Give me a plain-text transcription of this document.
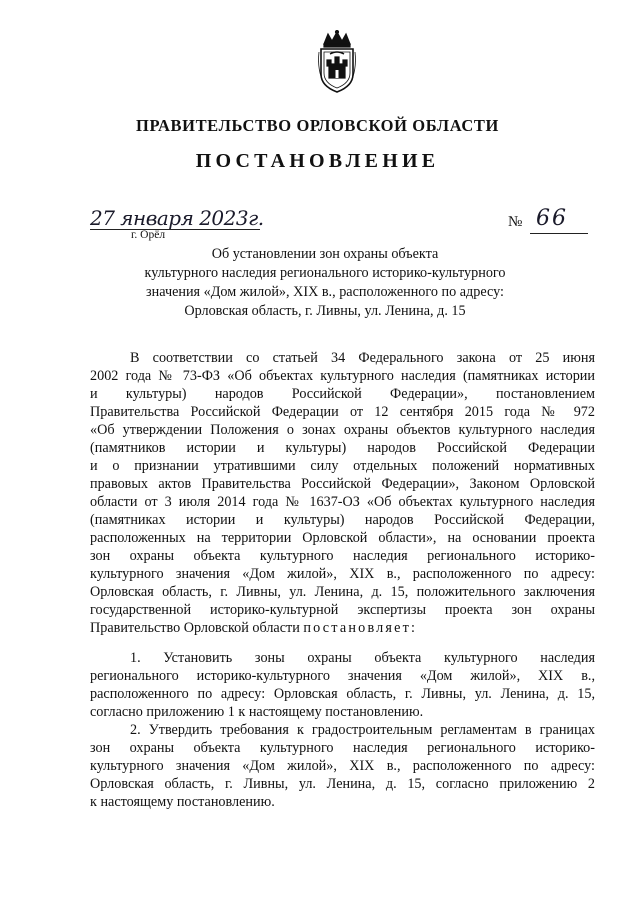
ПРАВИТЕЛЬСТВО ОРЛОВСКОЙ ОБЛАСТИ
ПОСТАНОВЛЕНИЕ
27 января 2023г.
г. Орёл
№ 66
Об установлении зон охраны объекта
культурного наследия регионального историко-культурного
значения «Дом жилой», XIX в., расположенного по адресу:
Орловская область, г. Ливны, ул. Ленина, д. 15
В соответствии со статьей 34 Федерального закона от 25 июня
2002 года № 73-ФЗ «Об объектах культурного наследия (памятниках истории
и культуры) народов Российской Федерации», постановлением
Правительства Российской Федерации от 12 сентября 2015 года № 972
«Об утверждении Положения о зонах охраны объектов культурного наследия
(памятников истории и культуры) народов Российской Федерации
и о признании утратившими силу отдельных положений нормативных
правовых актов Правительства Российской Федерации», Законом Орловской
области от 3 июля 2014 года № 1637-ОЗ «Об объектах культурного наследия
(памятниках истории и культуры) народов Российской Федерации,
расположенных на территории Орловской области», на основании проекта
зон охраны объекта культурного наследия регионального историко-
культурного значения «Дом жилой», XIX в., расположенного по адресу:
Орловская область, г. Ливны, ул. Ленина, д. 15, положительного заключения
государственной историко-культурной экспертизы проекта зон охраны
Правительство Орловской области постановляет:
1. Установить зоны охраны объекта культурного наследия
регионального историко-культурного значения «Дом жилой», XIX в.,
расположенного по адресу: Орловская область, г. Ливны, ул. Ленина, д. 15,
согласно приложению 1 к настоящему постановлению.
2. Утвердить требования к градостроительным регламентам в границах
зон охраны объекта культурного наследия регионального историко-
культурного значения «Дом жилой», XIX в., расположенного по адресу:
Орловская область, г. Ливны, ул. Ленина, д. 15, согласно приложению 2
к настоящему постановлению.
